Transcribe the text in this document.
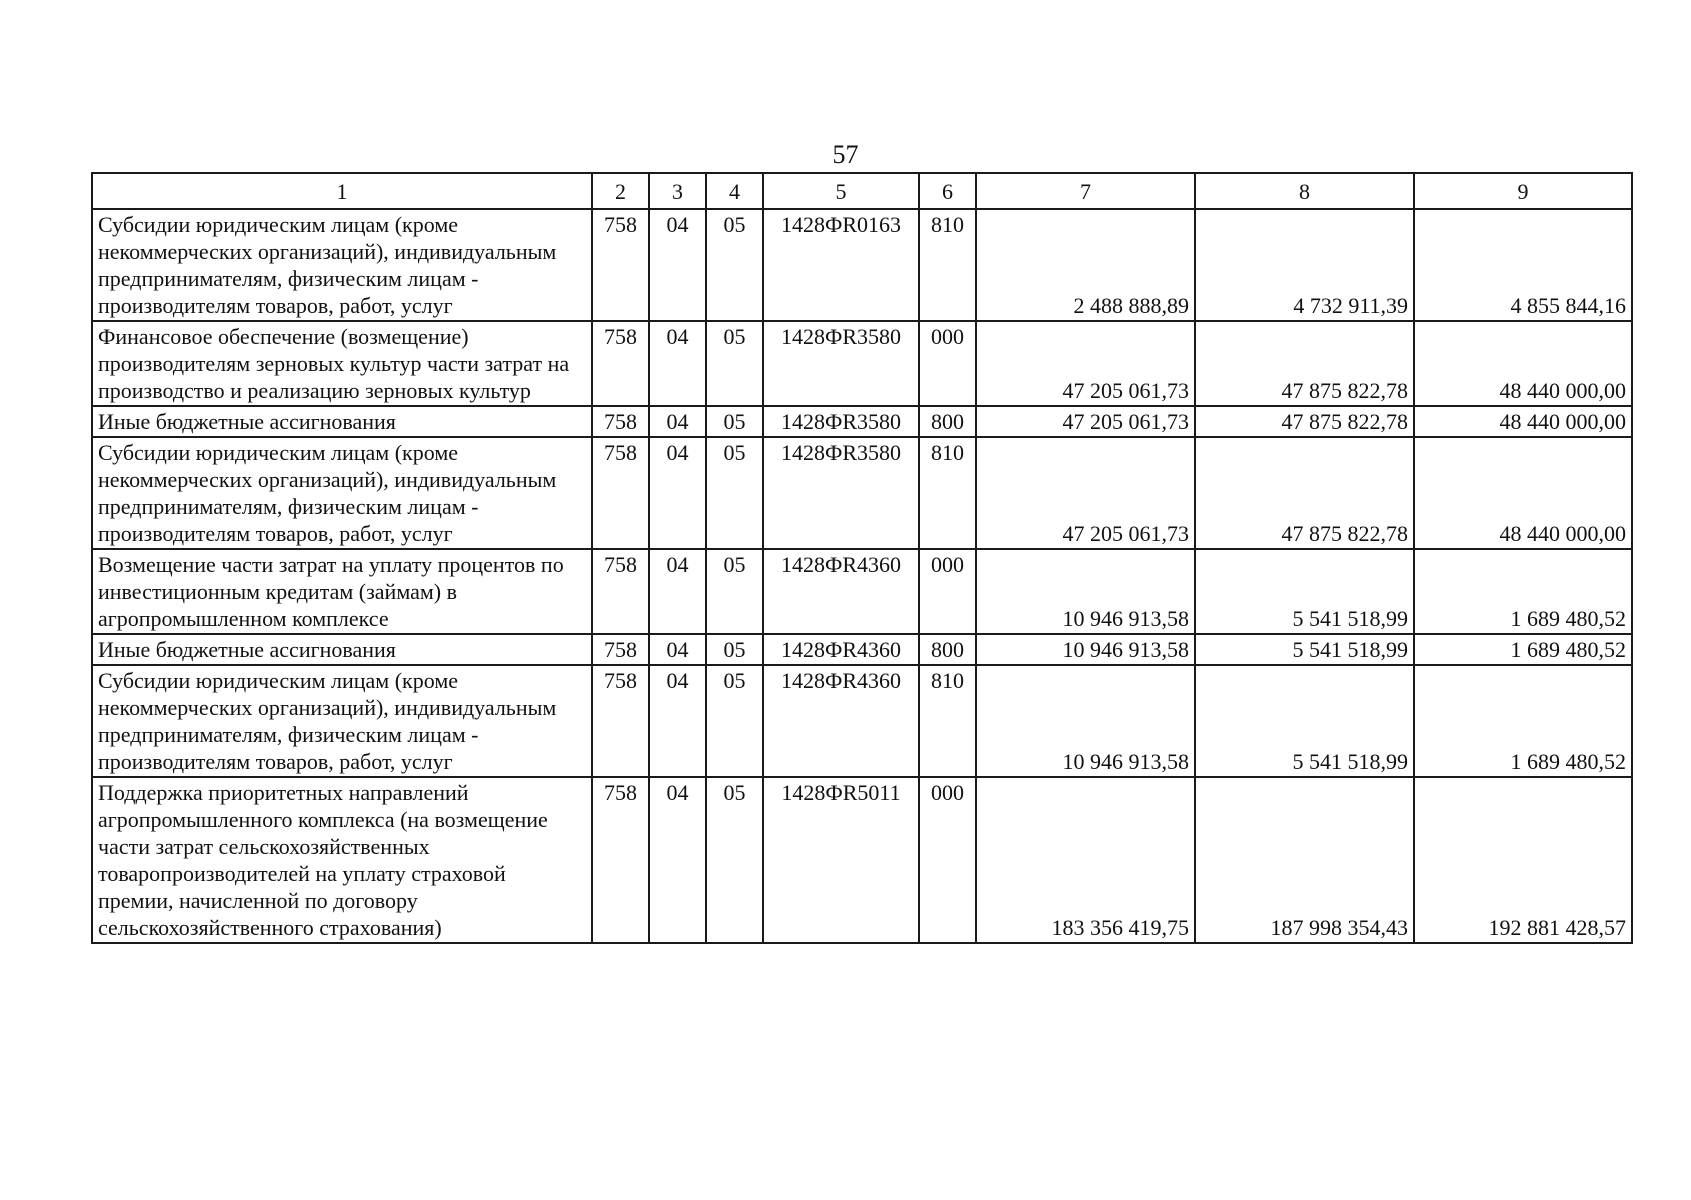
57
1	2	3	4	5	6	7	8	9
Субсидии юридическим лицам (кроме некоммерческих организаций), индивидуальным предпринимателям, физическим лицам - производителям товаров, работ, услуг	758	04	05	1428ФR0163	810	2 488 888,89	4 732 911,39	4 855 844,16
Финансовое обеспечение (возмещение) производителям зерновых культур части затрат на производство и реализацию зерновых культур	758	04	05	1428ФR3580	000	47 205 061,73	47 875 822,78	48 440 000,00
Иные бюджетные ассигнования	758	04	05	1428ФR3580	800	47 205 061,73	47 875 822,78	48 440 000,00
Субсидии юридическим лицам (кроме некоммерческих организаций), индивидуальным предпринимателям, физическим лицам - производителям товаров, работ, услуг	758	04	05	1428ФR3580	810	47 205 061,73	47 875 822,78	48 440 000,00
Возмещение части затрат на уплату процентов по инвестиционным кредитам (займам) в агропромышленном комплексе	758	04	05	1428ФR4360	000	10 946 913,58	5 541 518,99	1 689 480,52
Иные бюджетные ассигнования	758	04	05	1428ФR4360	800	10 946 913,58	5 541 518,99	1 689 480,52
Субсидии юридическим лицам (кроме некоммерческих организаций), индивидуальным предпринимателям, физическим лицам - производителям товаров, работ, услуг	758	04	05	1428ФR4360	810	10 946 913,58	5 541 518,99	1 689 480,52
Поддержка приоритетных направлений агропромышленного комплекса (на возмещение части затрат сельскохозяйственных товаропроизводителей на уплату страховой премии, начисленной по договору сельскохозяйственного страхования)	758	04	05	1428ФR5011	000	183 356 419,75	187 998 354,43	192 881 428,57
